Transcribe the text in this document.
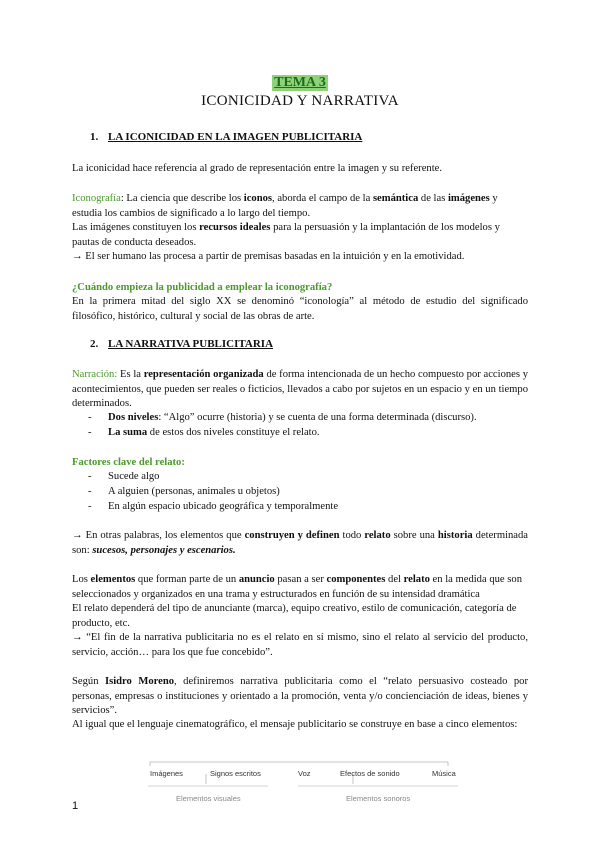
TEMA 3
ICONICIDAD Y NARRATIVA
1. LA ICONICIDAD EN LA IMAGEN PUBLICITARIA
La iconicidad hace referencia al grado de representación entre la imagen y su referente.
Iconografía: La ciencia que describe los iconos, aborda el campo de la semántica de las imágenes y estudia los cambios de significado a lo largo del tiempo.
Las imágenes constituyen los recursos ideales para la persuasión y la implantación de los modelos y pautas de conducta deseados.
→ El ser humano las procesa a partir de premisas basadas en la intuición y en la emotividad.
¿Cuándo empieza la publicidad a emplear la iconografía?
En la primera mitad del siglo XX se denominó “iconología” al método de estudio del significado filosófico, histórico, cultural y social de las obras de arte.
2. LA NARRATIVA PUBLICITARIA
Narración: Es la representación organizada de forma intencionada de un hecho compuesto por acciones y acontecimientos, que pueden ser reales o ficticios, llevados a cabo por sujetos en un espacio y en un tiempo determinados.
- Dos niveles: “Algo” ocurre (historia) y se cuenta de una forma determinada (discurso).
- La suma de estos dos niveles constituye el relato.
Factores clave del relato:
- Sucede algo
- A alguien (personas, animales u objetos)
- En algún espacio ubicado geográfica y temporalmente
→ En otras palabras, los elementos que construyen y definen todo relato sobre una historia determinada son: sucesos, personajes y escenarios.
Los elementos que forman parte de un anuncio pasan a ser componentes del relato en la medida que son seleccionados y organizados en una trama y estructurados en función de su intensidad dramática
El relato dependerá del tipo de anunciante (marca), equipo creativo, estilo de comunicación, categoría de producto, etc.
→ “El fin de la narrativa publicitaria no es el relato en sí mismo, sino el relato al servicio del producto, servicio, acción… para los que fue concebido”.
Según Isidro Moreno, definiremos narrativa publicitaria como el “relato persuasivo costeado por personas, empresas o instituciones y orientado a la promoción, venta y/o concienciación de ideas, bienes y servicios”.
Al igual que el lenguaje cinematográfico, el mensaje publicitario se construye en base a cinco elementos:
Imágenes	Signos escritos	Voz	Efectos de sonido	Música
Elementos visuales	Elementos sonoros
1
